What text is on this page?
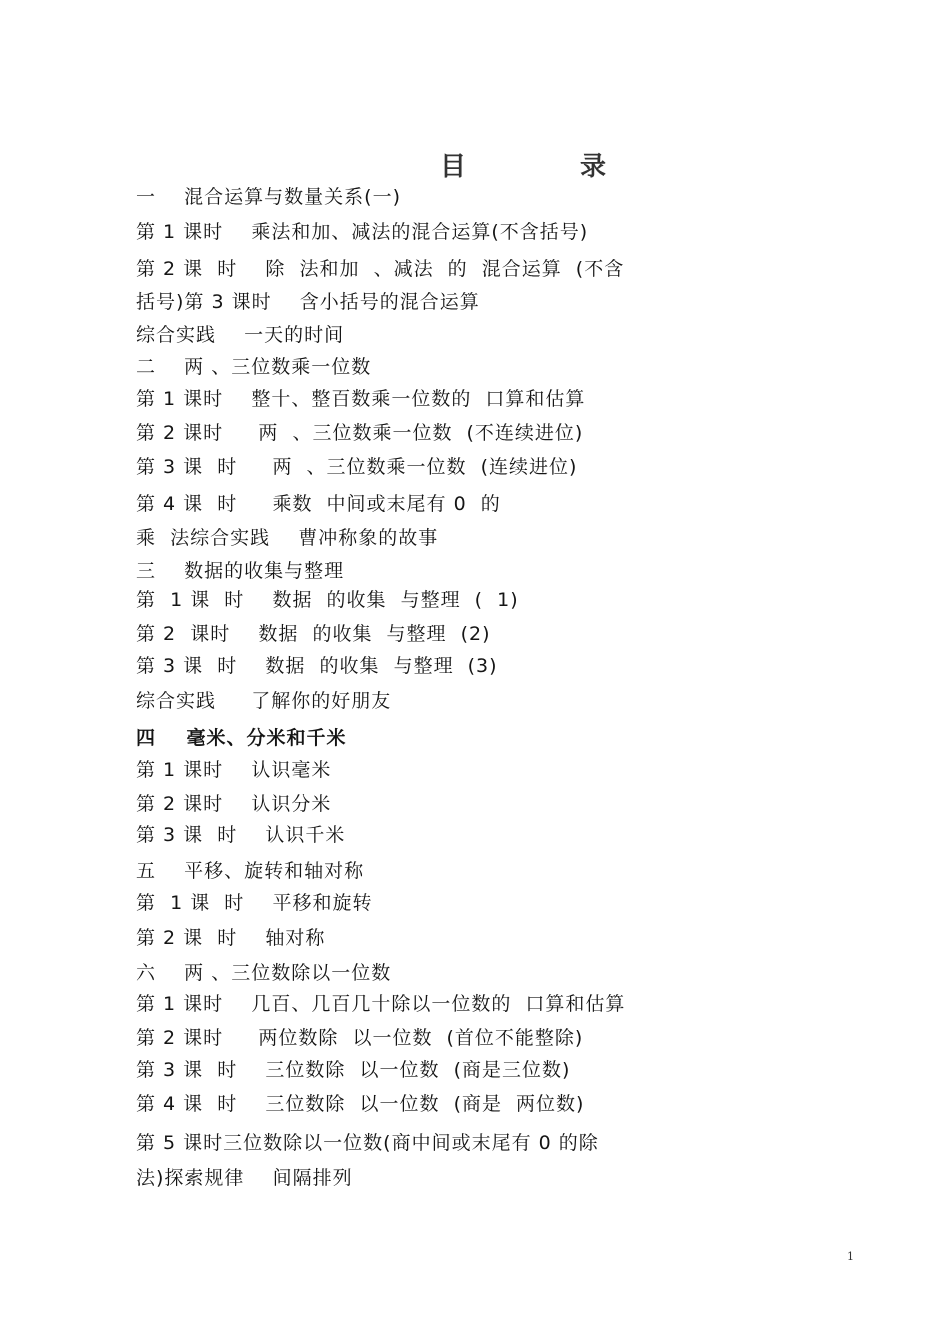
目	录
一    混合运算与数量关系(一)
第 1 课时    乘法和加、减法的混合运算(不含括号)
第 2 课  时    除  法和加  、减法  的  混合运算  (不含
括号)第 3 课时    含小括号的混合运算
综合实践    一天的时间
二    两 、三位数乘一位数
第 1 课时    整十、整百数乘一位数的  口算和估算
第 2 课时     两  、三位数乘一位数  (不连续进位)
第 3 课  时     两  、三位数乘一位数  (连续进位)
第 4 课  时     乘数  中间或末尾有 0  的
乘  法综合实践    曹冲称象的故事
三    数据的收集与整理
第  1 课  时    数据  的收集  与整理  (  1)
第 2  课时    数据  的收集  与整理  (2)
第 3 课  时    数据  的收集  与整理  (3)
综合实践     了解你的好朋友
四    毫米、分米和千米
第 1 课时    认识毫米
第 2 课时    认识分米
第 3 课  时    认识千米
五    平移、旋转和轴对称
第  1 课  时    平移和旋转
第 2 课  时    轴对称
六    两 、三位数除以一位数
第 1 课时    几百、几百几十除以一位数的  口算和估算
第 2 课时     两位数除  以一位数  (首位不能整除)
第 3 课  时    三位数除  以一位数  (商是三位数)
第 4 课  时    三位数除  以一位数  (商是  两位数)
第 5 课时三位数除以一位数(商中间或末尾有 0 的除
法)探索规律    间隔排列
1
